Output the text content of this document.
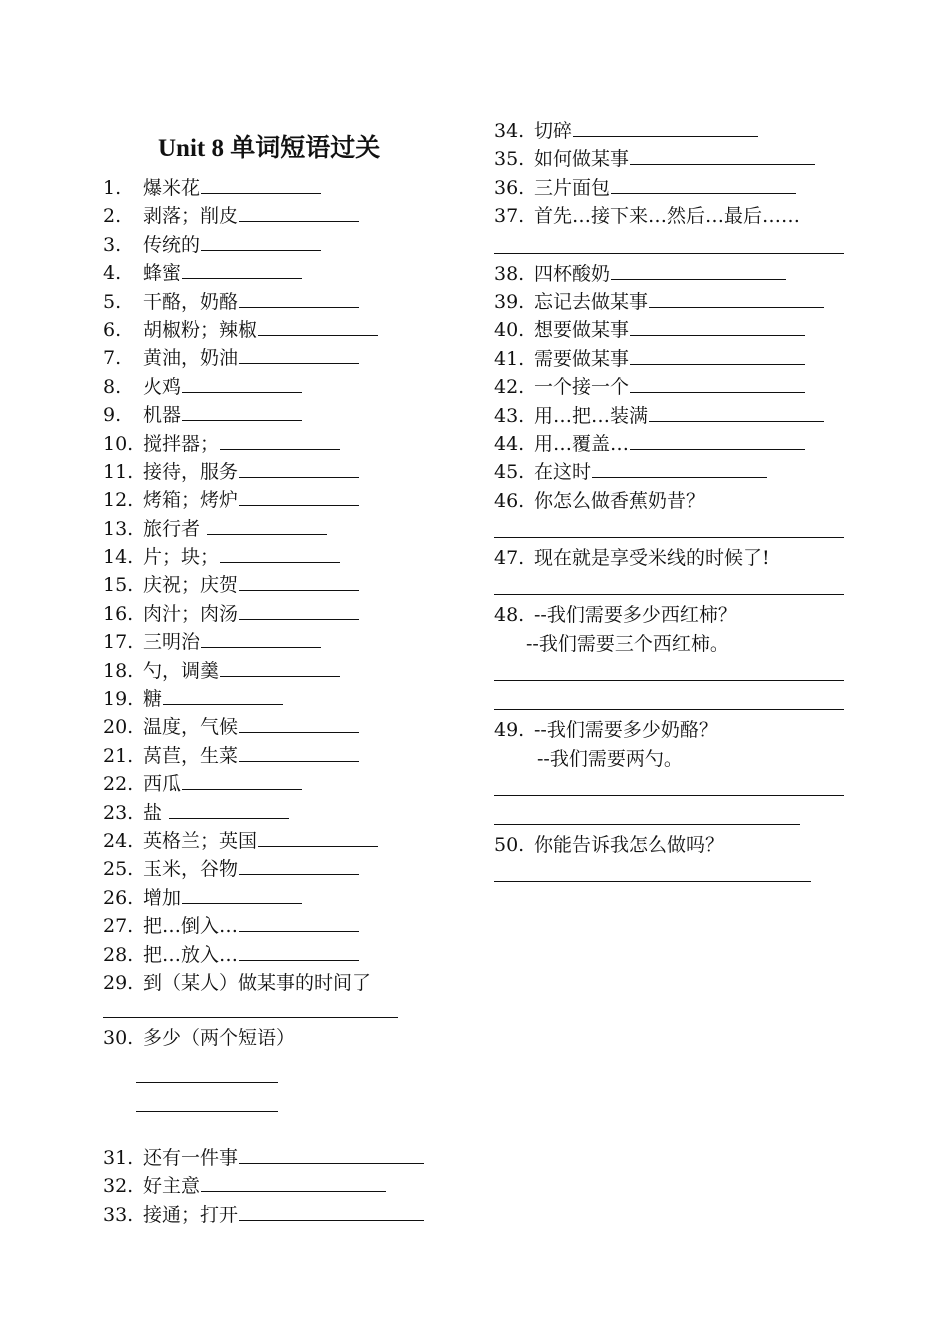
Unit 8 单词短语过关
1. 爆米花
2. 剥落；削皮
3. 传统的
4. 蜂蜜
5. 干酪，奶酪
6. 胡椒粉；辣椒
7. 黄油，奶油
8. 火鸡
9. 机器
10. 搅拌器；
11. 接待，服务
12. 烤箱；烤炉
13. 旅行者
14. 片；块；
15. 庆祝；庆贺
16. 肉汁；肉汤
17. 三明治
18. 勺，调羹
19. 糖
20. 温度，气候
21. 莴苣，生菜
22. 西瓜
23. 盐
24. 英格兰；英国
25. 玉米，谷物
26. 增加
27. 把…倒入…
28. 把…放入…
29. 到（某人）做某事的时间了
30. 多少（两个短语）
31. 还有一件事
32. 好主意
33. 接通；打开
34. 切碎
35. 如何做某事
36. 三片面包
37. 首先…接下来…然后…最后……
38. 四杯酸奶
39. 忘记去做某事
40. 想要做某事
41. 需要做某事
42. 一个接一个
43. 用…把…装满
44. 用…覆盖…
45. 在这时
46. 你怎么做香蕉奶昔？
47. 现在就是享受米线的时候了!
48. --我们需要多少西红柿？
--我们需要三个西红柿。
49. --我们需要多少奶酪？
--我们需要两勺。
50. 你能告诉我怎么做吗？
